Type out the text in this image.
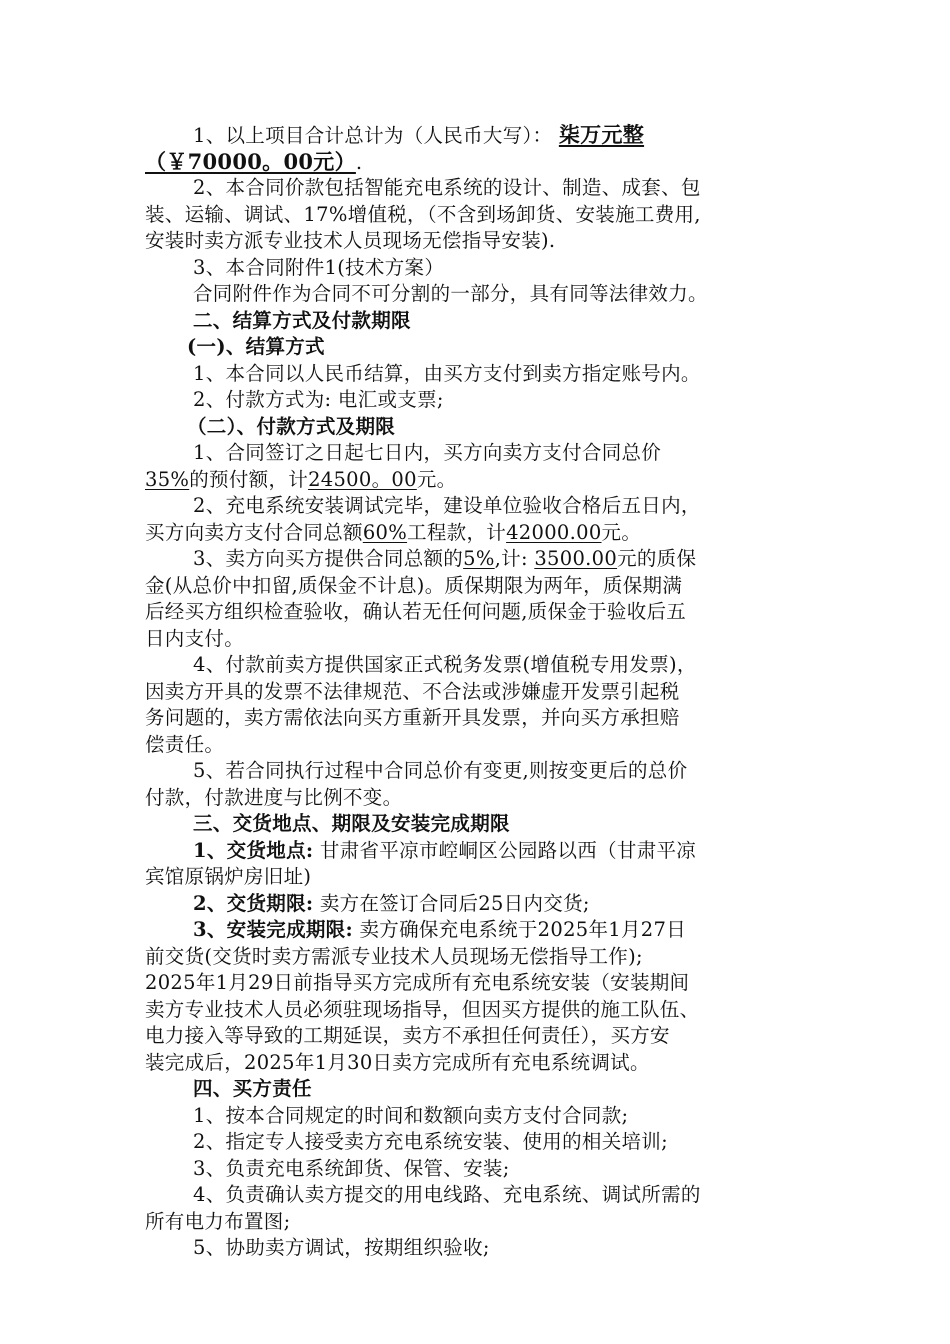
1、以上项目合计总计为（人民币大写）： 柒万元整
（￥70000。00元）.
2、本合同价款包括智能充电系统的设计、制造、成套、包
装、运输、调试、17%增值税，（不含到场卸货、安装施工费用,
安装时卖方派专业技术人员现场无偿指导安装).
3、本合同附件1(技术方案）
合同附件作为合同不可分割的一部分，具有同等法律效力。
二、结算方式及付款期限
(一)、结算方式
1、本合同以人民币结算，由买方支付到卖方指定账号内。
2、付款方式为: 电汇或支票;
（二）、付款方式及期限
1、合同签订之日起七日内，买方向卖方支付合同总价
35%的预付额，计24500。00元。
2、充电系统安装调试完毕，建设单位验收合格后五日内，
买方向卖方支付合同总额60%工程款，计42000.00元。
3、卖方向买方提供合同总额的5%,计: 3500.00元的质保
金(从总价中扣留,质保金不计息)。质保期限为两年，质保期满
后经买方组织检查验收，确认若无任何问题,质保金于验收后五
日内支付。
4、付款前卖方提供国家正式税务发票(增值税专用发票)，
因卖方开具的发票不法律规范、不合法或涉嫌虚开发票引起税
务问题的，卖方需依法向买方重新开具发票，并向买方承担赔
偿责任。
5、若合同执行过程中合同总价有变更,则按变更后的总价
付款，付款进度与比例不变。
三、交货地点、期限及安装完成期限
1、交货地点: 甘肃省平凉市崆峒区公园路以西（甘肃平凉
宾馆原锅炉房旧址)
2、交货期限: 卖方在签订合同后25日内交货;
3、安装完成期限: 卖方确保充电系统于2025年1月27日
前交货(交货时卖方需派专业技术人员现场无偿指导工作);
2025年1月29日前指导买方完成所有充电系统安装（安装期间
卖方专业技术人员必须驻现场指导，但因买方提供的施工队伍、
电力接入等导致的工期延误，卖方不承担任何责任），买方安
装完成后，2025年1月30日卖方完成所有充电系统调试。
四、买方责任
1、按本合同规定的时间和数额向卖方支付合同款;
2、指定专人接受卖方充电系统安装、使用的相关培训;
3、负责充电系统卸货、保管、安装;
4、负责确认卖方提交的用电线路、充电系统、调试所需的
所有电力布置图;
5、协助卖方调试，按期组织验收;
